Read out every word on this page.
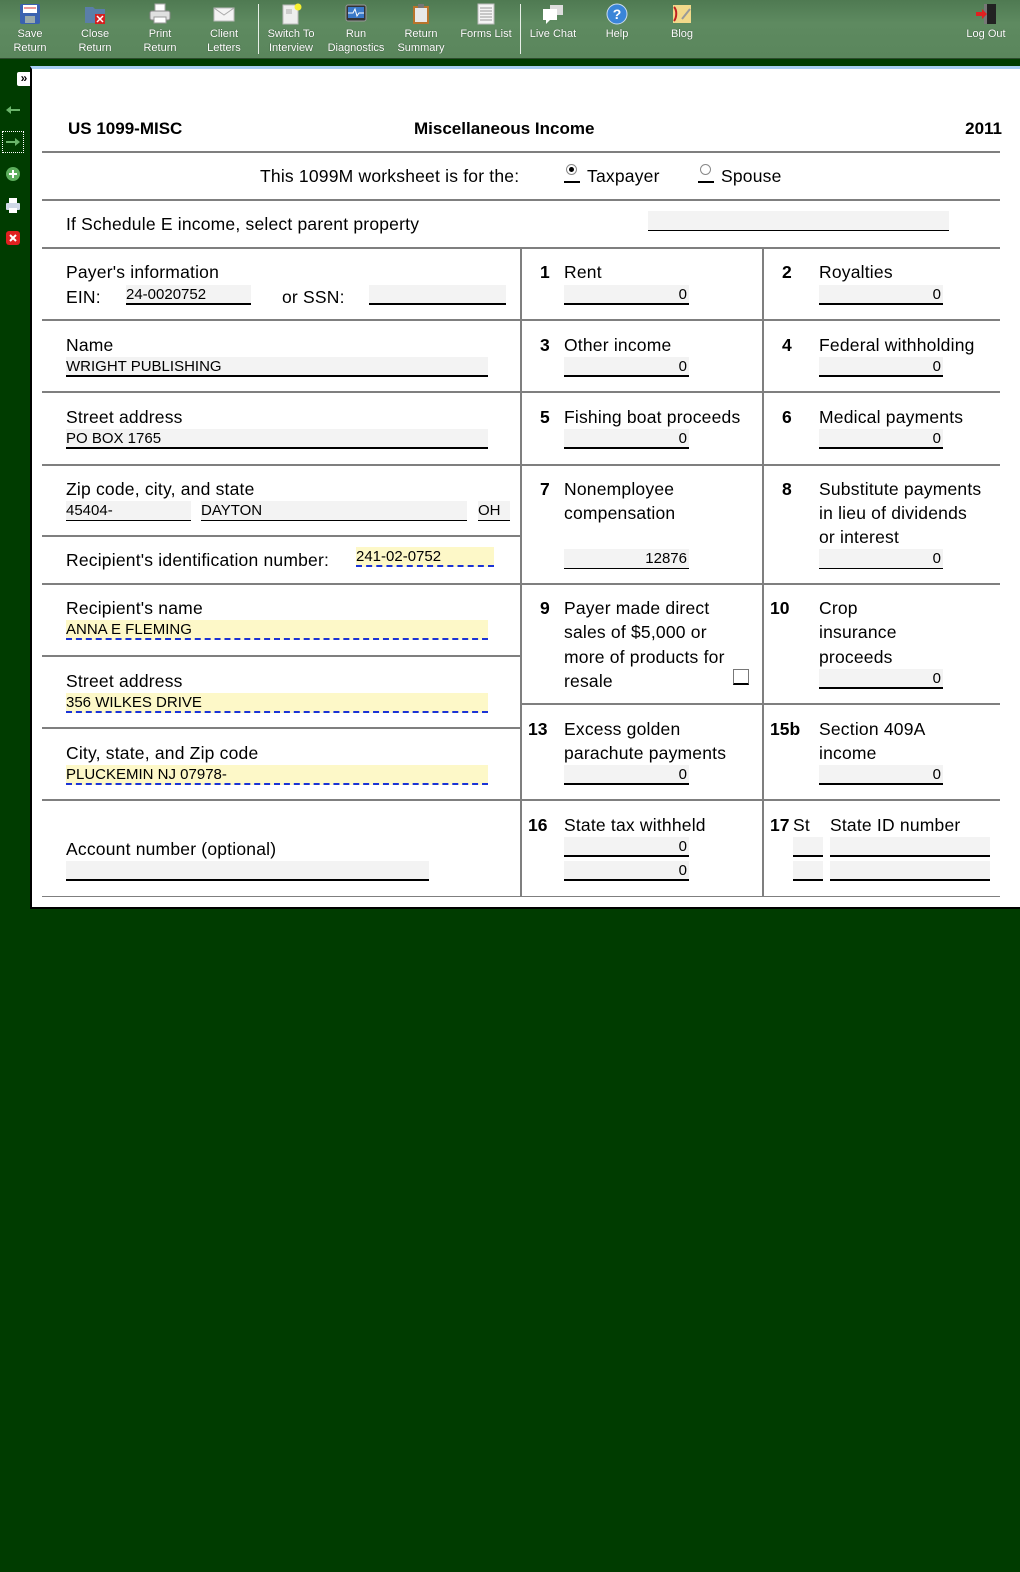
Save
Return
Close
Return
Print
Return
Client
Letters
Switch To
Interview
Run
Diagnostics
Return
Summary
Forms List	Live Chat
?
Help	Blog	Log Out
»
US 1099-MISC	Miscellaneous Income	2011
This 1099M worksheet is for the:	Taxpayer	Spouse
If Schedule E income, select parent property
Payer's information
EIN: 24-0020752	or SSN:
Name
WRIGHT PUBLISHING
Street address
PO BOX 1765
Zip code, city, and state
45404-	DAYTON	OH
Recipient's identification number: 241-02-0752
Recipient's name
ANNA E FLEMING
Street address
356 WILKES DRIVE
City, state, and Zip code
PLUCKEMIN NJ 07978-
Account number (optional)
1 Rent
0
2 Royalties
0
3 Other income
0
4 Federal withholding
0
5 Fishing boat proceeds
0
6 Medical payments
0
7 Nonemployee
compensation
12876
8 Substitute payments
in lieu of dividends
or interest
0
9 Payer made direct
sales of $5,000 or
more of products for
resale
10 Crop
insurance
proceeds
0
13 Excess golden
parachute payments
0
15b Section 409A
income
0
16 State tax withheld
0
0
17 St State ID number
